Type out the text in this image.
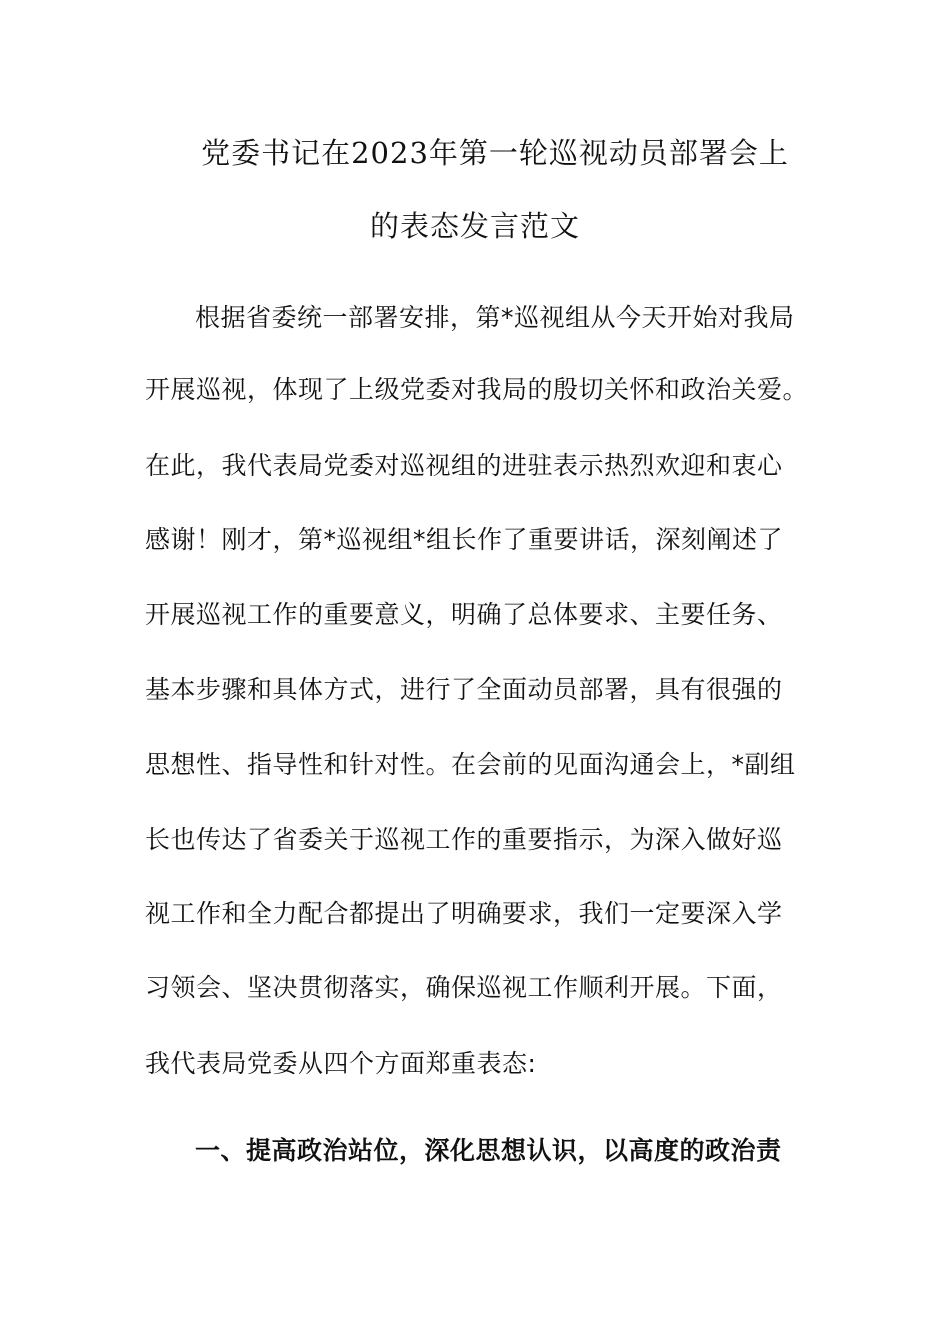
党委书记在2023年第一轮巡视动员部署会上
的表态发言范文
根据省委统一部署安排，第*巡视组从今天开始对我局
开展巡视，体现了上级党委对我局的殷切关怀和政治关爱。
在此，我代表局党委对巡视组的进驻表示热烈欢迎和衷心
感谢！刚才，第*巡视组*组长作了重要讲话，深刻阐述了
开展巡视工作的重要意义，明确了总体要求、主要任务、
基本步骤和具体方式，进行了全面动员部署，具有很强的
思想性、指导性和针对性。在会前的见面沟通会上，*副组
长也传达了省委关于巡视工作的重要指示，为深入做好巡
视工作和全力配合都提出了明确要求，我们一定要深入学
习领会、坚决贯彻落实，确保巡视工作顺利开展。下面，
我代表局党委从四个方面郑重表态:
一、提高政治站位，深化思想认识，以高度的政治责
